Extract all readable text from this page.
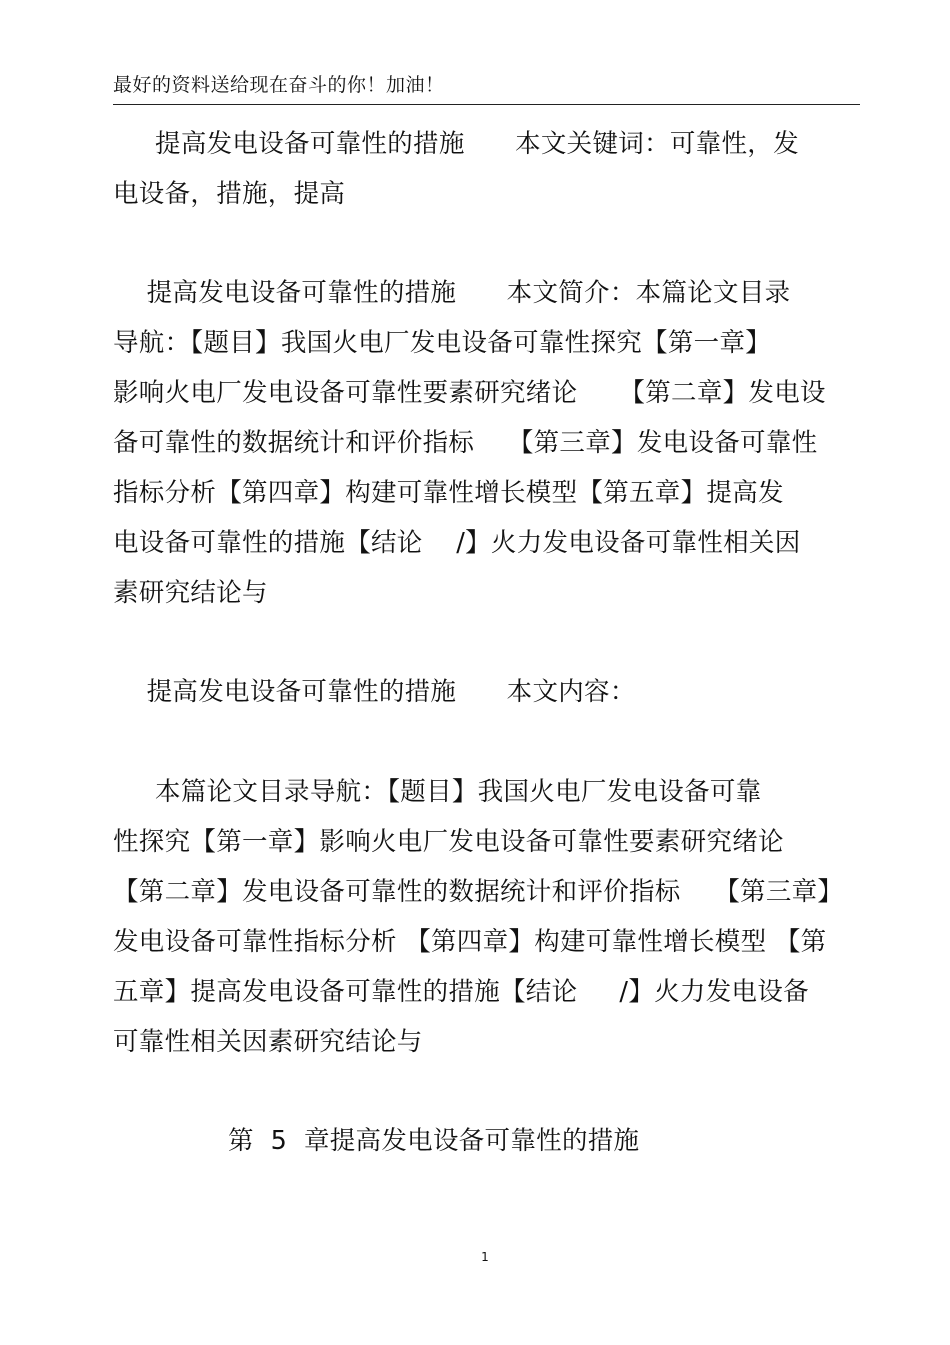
最好的资料送给现在奋斗的你！加油！
提高发电设备可靠性的措施      本文关键词：可靠性，发
电设备，措施，提高
提高发电设备可靠性的措施      本文简介：本篇论文目录
导航：【题目】我国火电厂发电设备可靠性探究【第一章】
影响火电厂发电设备可靠性要素研究绪论     【第二章】发电设
备可靠性的数据统计和评价指标    【第三章】发电设备可靠性
指标分析【第四章】构建可靠性增长模型【第五章】提高发
电设备可靠性的措施【结论    /】火力发电设备可靠性相关因
素研究结论与
提高发电设备可靠性的措施      本文内容：
本篇论文目录导航：【题目】我国火电厂发电设备可靠
性探究【第一章】影响火电厂发电设备可靠性要素研究绪论
【第二章】发电设备可靠性的数据统计和评价指标    【第三章】
发电设备可靠性指标分析 【第四章】构建可靠性增长模型 【第
五章】提高发电设备可靠性的措施【结论     /】火力发电设备
可靠性相关因素研究结论与
第  5  章提高发电设备可靠性的措施
1
